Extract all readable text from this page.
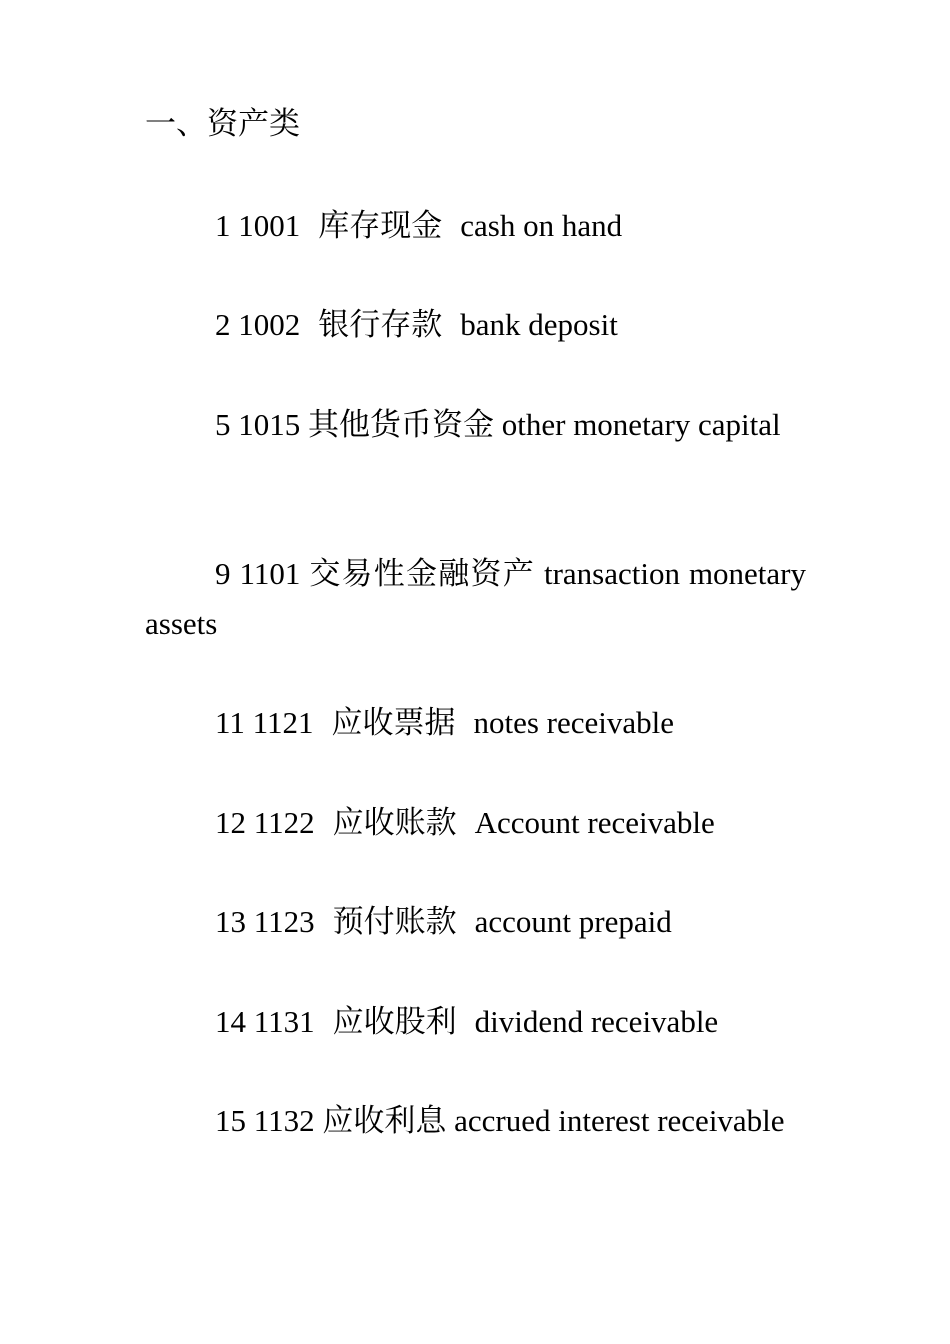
一、资产类
1 1001 库存现金 cash on hand
2 1002 银行存款 bank deposit
5 1015 其他货币资金 other monetary capital
9 1101 交易性金融资产 transaction monetary assets
11 1121 应收票据 notes receivable
12 1122 应收账款 Account receivable
13 1123 预付账款 account prepaid
14 1131 应收股利 dividend receivable
15 1132 应收利息 accrued interest receivable
